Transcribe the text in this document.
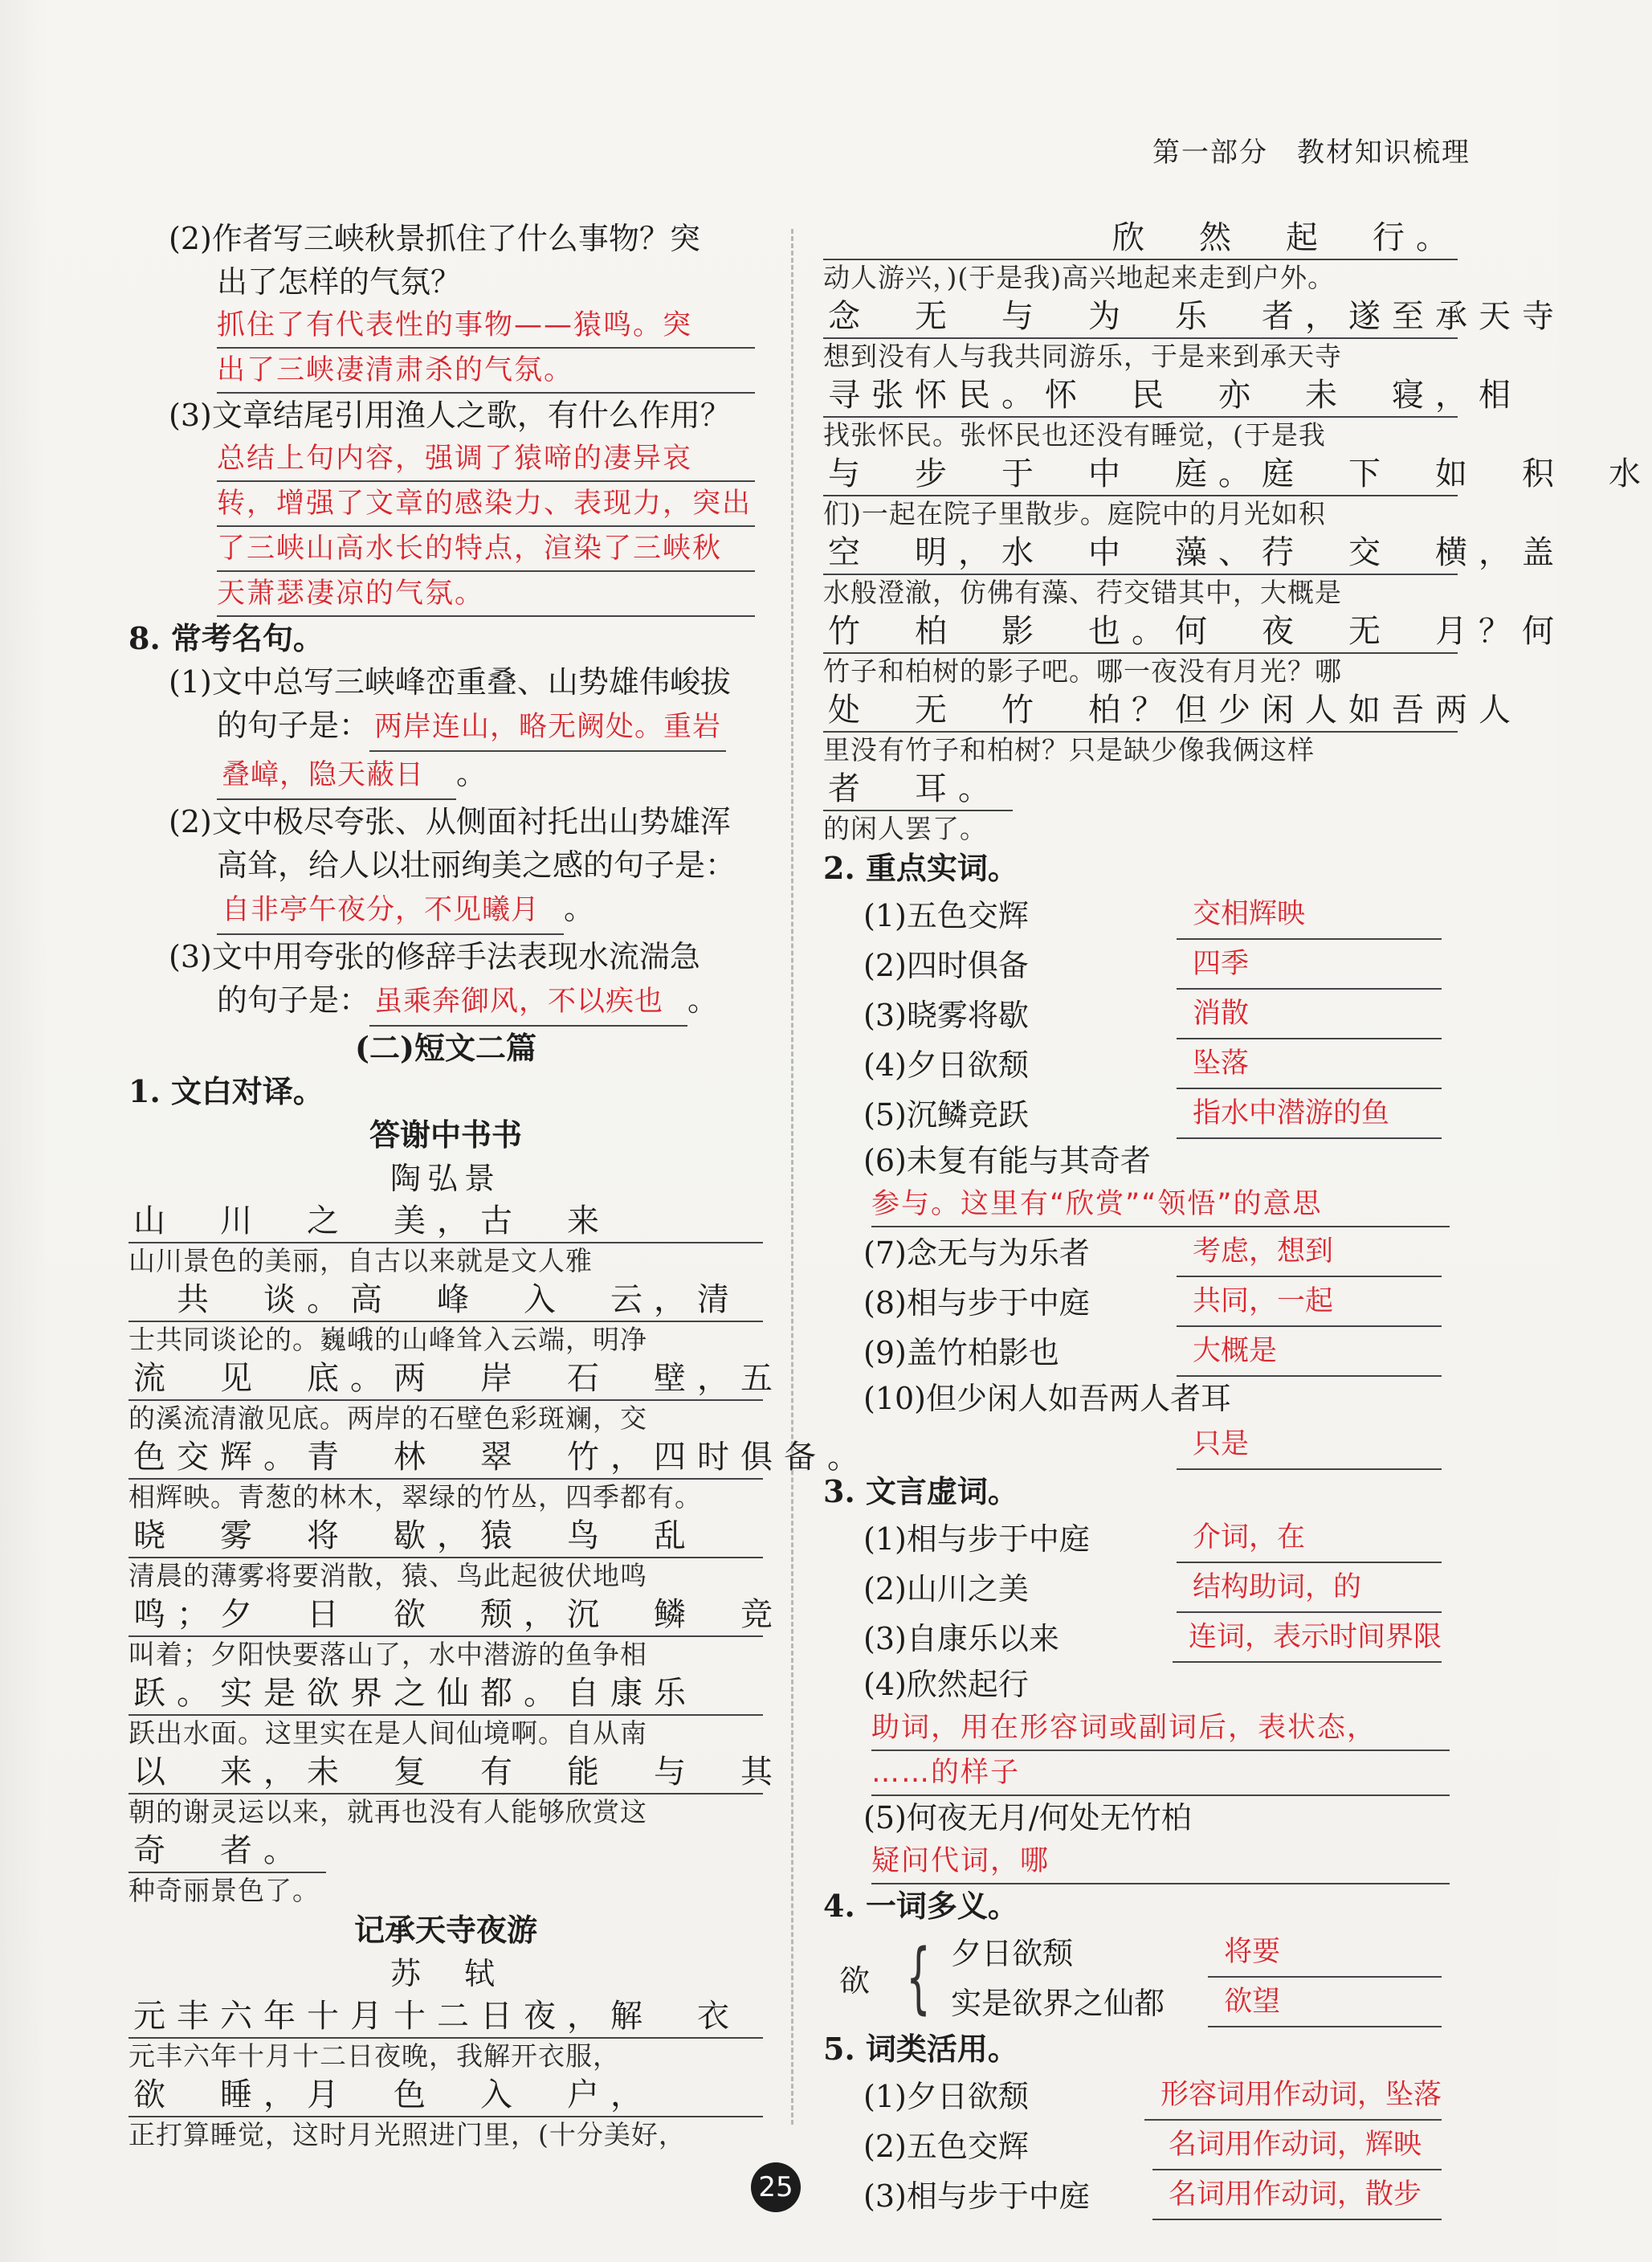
第一部分　教材知识梳理
(2)作者写三峡秋景抓住了什么事物？突
出了怎样的气氛？
抓住了有代表性的事物——猿鸣。突
出了三峡凄清肃杀的气氛。
(3)文章结尾引用渔人之歌，有什么作用？
总结上句内容，强调了猿啼的凄异哀
转，增强了文章的感染力、表现力，突出
了三峡山高水长的特点，渲染了三峡秋
天萧瑟凄凉的气氛。
8. 常考名句。
(1)文中总写三峡峰峦重叠、山势雄伟峻拔
的句子是： 两岸连山，略无阙处。重岩
叠嶂，隐天蔽日 。
(2)文中极尽夸张、从侧面衬托出山势雄浑
高耸，给人以壮丽绚美之感的句子是：
自非亭午夜分，不见曦月 。
(3)文中用夸张的修辞手法表现水流湍急
的句子是： 虽乘奔御风，不以疾也 。
(二)短文二篇
1. 文白对译。
答谢中书书
陶弘景
山　川　之　美，古　来
山川景色的美丽，自古以来就是文人雅
　共　谈。高　峰　入　云，清
士共同谈论的。巍峨的山峰耸入云端，明净
流　见　底。两　岸　石　壁，五
的溪流清澈见底。两岸的石壁色彩斑斓，交
色交辉。青　林　翠　竹，四时俱备。
相辉映。青葱的林木，翠绿的竹丛，四季都有。
晓　雾　将　歇，猿　鸟　乱
清晨的薄雾将要消散，猿、鸟此起彼伏地鸣
鸣；夕　日　欲　颓，沉　鳞　竞
叫着；夕阳快要落山了，水中潜游的鱼争相
跃。实是欲界之仙都。自康乐
跃出水面。这里实在是人间仙境啊。自从南
以　来，未　复　有　能　与　其
朝的谢灵运以来，就再也没有人能够欣赏这
奇　者。
种奇丽景色了。
记承天寺夜游
苏　轼
元丰六年十月十二日夜，解　衣
元丰六年十月十二日夜晚，我解开衣服，
欲　睡，月　色　入　户，
正打算睡觉，这时月光照进门里，(十分美好，
欣　然　起　行。
动人游兴，)(于是我)高兴地起来走到户外。
念　无　与　为　乐　者，遂至承天寺
想到没有人与我共同游乐，于是来到承天寺
寻张怀民。怀　民　亦　未　寝，相
找张怀民。张怀民也还没有睡觉，(于是我
与　步　于　中　庭。庭　下　如　积　水
们)一起在院子里散步。庭院中的月光如积
空　明，水　中　藻、荇　交　横，盖
水般澄澈，仿佛有藻、荇交错其中，大概是
竹　柏　影　也。何　夜　无　月？何
竹子和柏树的影子吧。哪一夜没有月光？哪
处　无　竹　柏？但少闲人如吾两人
里没有竹子和柏树？只是缺少像我俩这样
者　耳。
的闲人罢了。
2. 重点实词。
(1)五色交辉	交相辉映
(2)四时俱备	四季
(3)晓雾将歇	消散
(4)夕日欲颓	坠落
(5)沉鳞竞跃	指水中潜游的鱼
(6)未复有能与其奇者
参与。这里有“欣赏”“领悟”的意思
(7)念无与为乐者	考虑，想到
(8)相与步于中庭	共同，一起
(9)盖竹柏影也	大概是
(10)但少闲人如吾两人者耳
只是
3. 文言虚词。
(1)相与步于中庭	介词，在
(2)山川之美	结构助词，的
(3)自康乐以来	连词，表示时间界限
(4)欣然起行
助词，用在形容词或副词后，表状态，
……的样子
(5)何夜无月/何处无竹柏
疑问代词，哪
4. 一词多义。
欲 { 夕日欲颓	将要
实是欲界之仙都	欲望
5. 词类活用。
(1)夕日欲颓	形容词用作动词，坠落
(2)五色交辉	名词用作动词，辉映
(3)相与步于中庭	名词用作动词，散步
25
